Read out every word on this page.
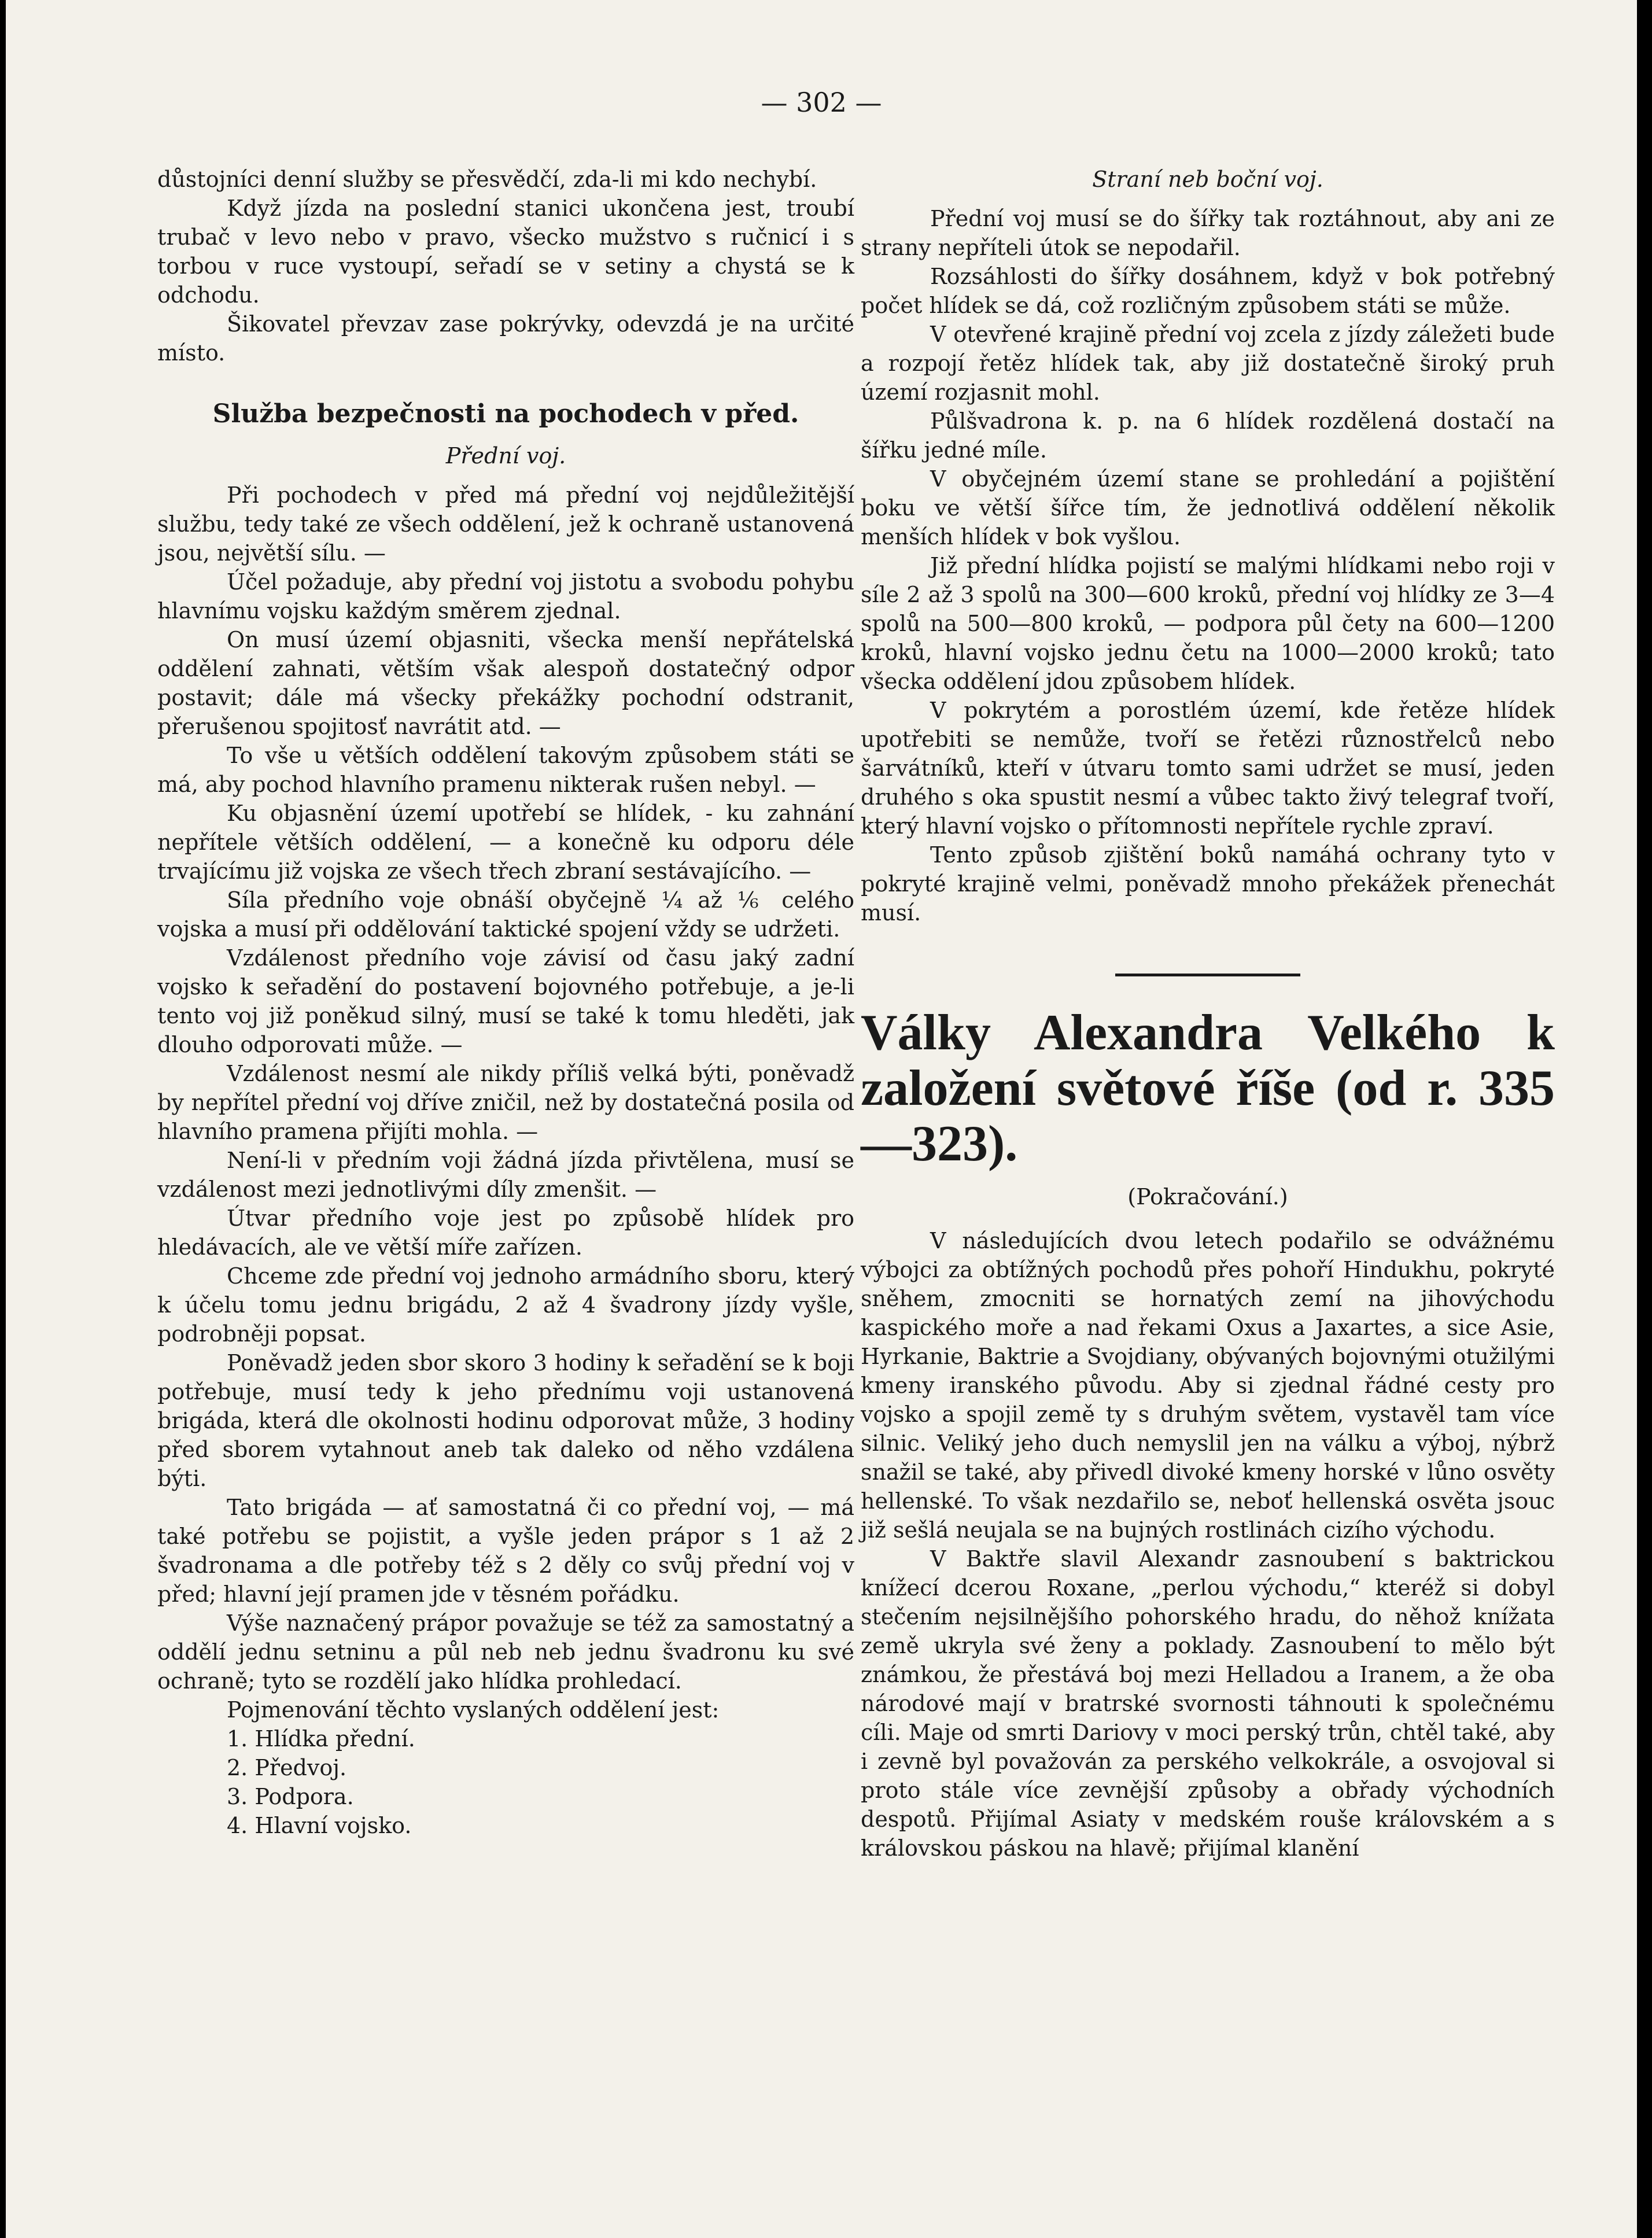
— 302 —

důstojníci denní služby se přesvědčí, zda-li mi kdo nechybí.

Když jízda na poslední stanici ukončena jest, troubí trubač v levo nebo v pravo, všecko mužstvo s ručnicí i s torbou v ruce vystoupí, seřadí se v setiny a chystá se k odchodu.

Šikovatel převzav zase pokrývky, odevzdá je na určité místo.

Služba bezpečnosti na pochodech v před.
Přední voj.

Při pochodech v před má přední voj nejdůležitější službu, tedy také ze všech oddělení, jež k ochraně ustanovená jsou, největší sílu. —

Účel požaduje, aby přední voj jistotu a svobodu pohybu hlavnímu vojsku každým směrem zjednal.

On musí území objasniti, všecka menší nepřátelská oddělení zahnati, větším však alespoň dostatečný odpor postavit; dále má všecky překážky pochodní odstranit, přerušenou spojitosť navrátit atd. —

To vše u větších oddělení takovým způsobem státi se má, aby pochod hlavního pramenu nikterak rušen nebyl. —

Ku objasnění území upotřebí se hlídek, - ku zahnání nepřítele větších oddělení, — a konečně ku odporu déle trvajícímu již vojska ze všech třech zbraní sestávajícího. —

Síla předního voje obnáší obyčejně ¼ až ⅙ celého vojska a musí při oddělování taktické spojení vždy se udržeti.

Vzdálenost předního voje závisí od času jaký zadní vojsko k seřadění do postavení bojovného potřebuje, a je-li tento voj již poněkud silný, musí se také k tomu hleděti, jak dlouho odporovati může. —

Vzdálenost nesmí ale nikdy příliš velká býti, poněvadž by nepřítel přední voj dříve zničil, než by dostatečná posila od hlavního pramena přijíti mohla. —

Není-li v předním voji žádná jízda přivtělena, musí se vzdálenost mezi jednotlivými díly zmenšit. —

Útvar předního voje jest po způsobě hlídek pro hledávacích, ale ve větší míře zařízen.

Chceme zde přední voj jednoho armádního sboru, který k účelu tomu jednu brigádu, 2 až 4 švadrony jízdy vyšle, podrobněji popsat.

Poněvadž jeden sbor skoro 3 hodiny k seřadění se k boji potřebuje, musí tedy k jeho přednímu voji ustanovená brigáda, která dle okolnosti hodinu odporovat může, 3 hodiny před sborem vytahnout aneb tak daleko od něho vzdálena býti.

Tato brigáda — ať samostatná či co přední voj, — má také potřebu se pojistit, a vyšle jeden prápor s 1 až 2 švadronama a dle potřeby též s 2 děly co svůj přední voj v před; hlavní její pramen jde v těsném pořádku.

Výše naznačený prápor považuje se též za samostatný a oddělí jednu setninu a půl neb neb jednu švadronu ku své ochraně; tyto se rozdělí jako hlídka prohledací.

Pojmenování těchto vyslaných oddělení jest:

1. Hlídka přední.

2. Předvoj.

3. Podpora.

4. Hlavní vojsko.

Straní neb boční voj.

Přední voj musí se do šířky tak roztáhnout, aby ani ze strany nepříteli útok se nepodařil.

Rozsáhlosti do šířky dosáhnem, když v bok potřebný počet hlídek se dá, což rozličným způsobem státi se může.

V otevřené krajině přední voj zcela z jízdy záležeti bude a rozpojí řetěz hlídek tak, aby již dostatečně široký pruh území rozjasnit mohl.

Půlšvadrona k. p. na 6 hlídek rozdělená dostačí na šířku jedné míle.

V obyčejném území stane se prohledání a pojištění boku ve větší šířce tím, že jednotlivá oddělení několik menších hlídek v bok vyšlou.

Již přední hlídka pojistí se malými hlídkami nebo roji v síle 2 až 3 spolů na 300—600 kroků, přední voj hlídky ze 3—4 spolů na 500—800 kroků, — podpora půl čety na 600—1200 kroků, hlavní vojsko jednu četu na 1000—2000 kroků; tato všecka oddělení jdou způsobem hlídek.

V pokrytém a porostlém území, kde řetěze hlídek upotřebiti se nemůže, tvoří se řetězi různostřelců nebo šarvátníků, kteří v útvaru tomto sami udržet se musí, jeden druhého s oka spustit nesmí a vůbec takto živý telegraf tvoří, který hlavní vojsko o přítomnosti nepřítele rychle zpraví.

Tento způsob zjištění boků namáhá ochrany tyto v pokryté krajině velmi, poněvadž mnoho překážek přenechát musí.

Války Alexandra Velkého k založení světové říše (od r. 335—323).
(Pokračování.)

V následujících dvou letech podařilo se odvážnému výbojci za obtížných pochodů přes pohoří Hindukhu, pokryté sněhem, zmocniti se hornatých zemí na jihovýchodu kaspického moře a nad řekami Oxus a Jaxartes, a sice Asie, Hyrkanie, Baktrie a Svojdiany, obývaných bojovnými otužilými kmeny iranského původu. Aby si zjednal řádné cesty pro vojsko a spojil země ty s druhým světem, vystavěl tam více silnic. Veliký jeho duch nemyslil jen na válku a výboj, nýbrž snažil se také, aby přivedl divoké kmeny horské v lůno osvěty hellenské. To však nezdařilo se, neboť hellenská osvěta jsouc již sešlá neujala se na bujných rostlinách cizího východu.

V Baktře slavil Alexandr zasnoubení s baktrickou knížecí dcerou Roxane, „perlou východu,“ kteréž si dobyl stečením nejsilnějšího pohorského hradu, do něhož knížata země ukryla své ženy a poklady. Zasnoubení to mělo být známkou, že přestává boj mezi Helladou a Iranem, a že oba národové mají v bratrské svornosti táhnouti k společnému cíli. Maje od smrti Dariovy v moci perský trůn, chtěl také, aby i zevně byl považován za perského velkokrále, a osvojoval si proto stále více zevnější způsoby a obřady východních despotů. Přijímal Asiaty v medském rouše královském a s královskou páskou na hlavě; přijímal klanění
